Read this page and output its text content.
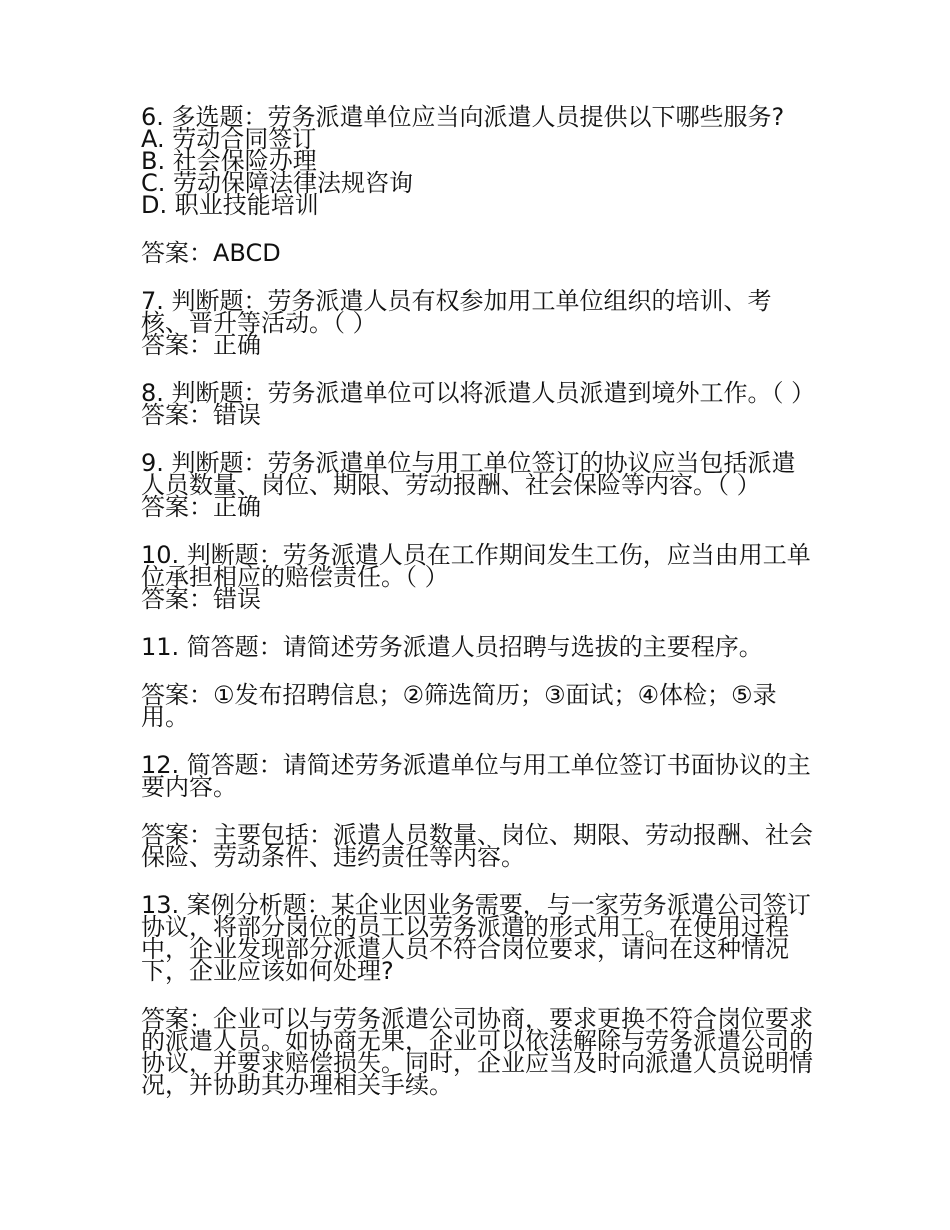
6. 多选题：劳务派遣单位应当向派遣人员提供以下哪些服务?

A. 劳动合同签订

B. 社会保险办理

C. 劳动保障法律法规咨询

D. 职业技能培训

答案：ABCD

7. 判断题：劳务派遣人员有权参加用工单位组织的培训、考核、晋升等活动。（ ）

答案：正确

8. 判断题：劳务派遣单位可以将派遣人员派遣到境外工作。（ ）

答案：错误

9. 判断题：劳务派遣单位与用工单位签订的协议应当包括派遣人员数量、岗位、期限、劳动报酬、社会保险等内容。（ ）

答案：正确

10. 判断题：劳务派遣人员在工作期间发生工伤，应当由用工单位承担相应的赔偿责任。（ ）

答案：错误

11. 简答题：请简述劳务派遣人员招聘与选拔的主要程序。

答案：①发布招聘信息；②筛选简历；③面试；④体检；⑤录用。

12. 简答题：请简述劳务派遣单位与用工单位签订书面协议的主要内容。

答案：主要包括：派遣人员数量、岗位、期限、劳动报酬、社会保险、劳动条件、违约责任等内容。

13. 案例分析题：某企业因业务需要，与一家劳务派遣公司签订协议，将部分岗位的员工以劳务派遣的形式用工。在使用过程中，企业发现部分派遣人员不符合岗位要求，请问在这种情况下，企业应该如何处理?

答案：企业可以与劳务派遣公司协商，要求更换不符合岗位要求的派遣人员。如协商无果，企业可以依法解除与劳务派遣公司的协议，并要求赔偿损失。同时，企业应当及时向派遣人员说明情况，并协助其办理相关手续。
